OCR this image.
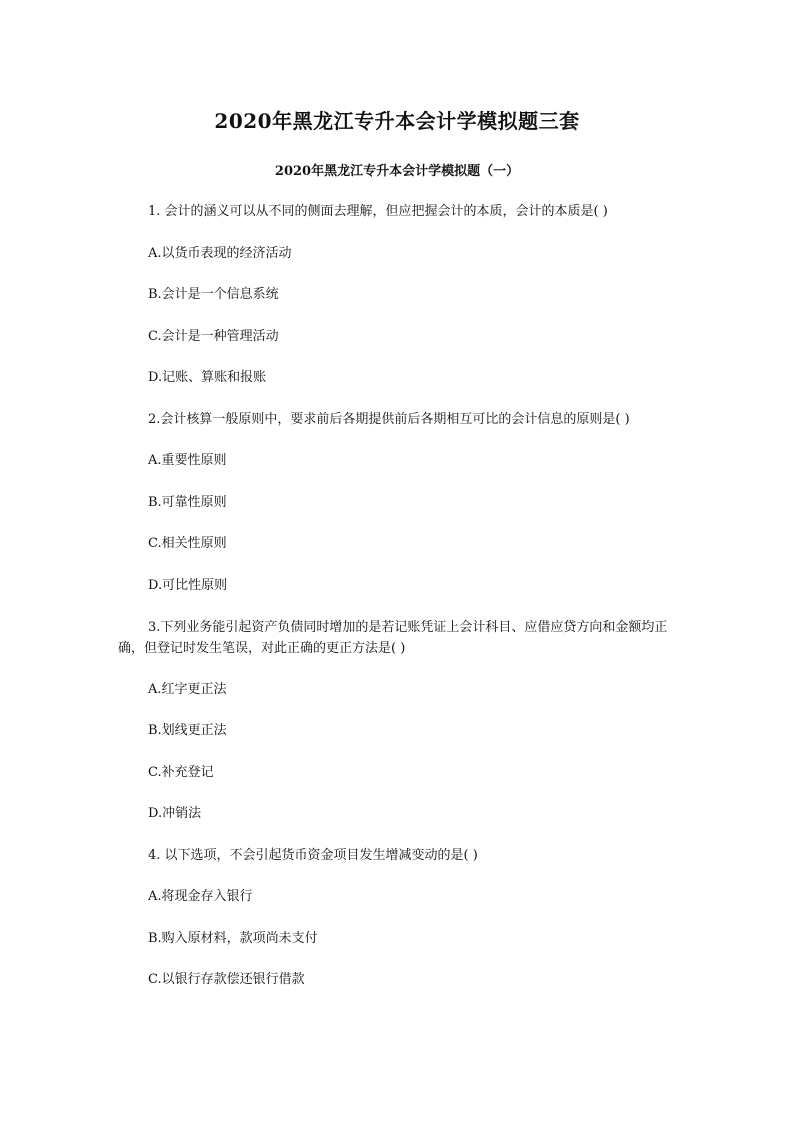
2020年黑龙江专升本会计学模拟题三套
2020年黑龙江专升本会计学模拟题（一）
1. 会计的涵义可以从不同的侧面去理解，但应把握会计的本质，会计的本质是( )
A.以货币表现的经济活动
B.会计是一个信息系统
C.会计是一种管理活动
D.记账、算账和报账
2.会计核算一般原则中，要求前后各期提供前后各期相互可比的会计信息的原则是( )
A.重要性原则
B.可靠性原则
C.相关性原则
D.可比性原则
3.下列业务能引起资产负债同时增加的是若记账凭证上会计科目、应借应贷方向和金额均正确，但登记时发生笔误，对此正确的更正方法是( )
A.红字更正法
B.划线更正法
C.补充登记
D.冲销法
4. 以下选项，不会引起货币资金项目发生增减变动的是( )
A.将现金存入银行
B.购入原材料，款项尚未支付
C.以银行存款偿还银行借款
